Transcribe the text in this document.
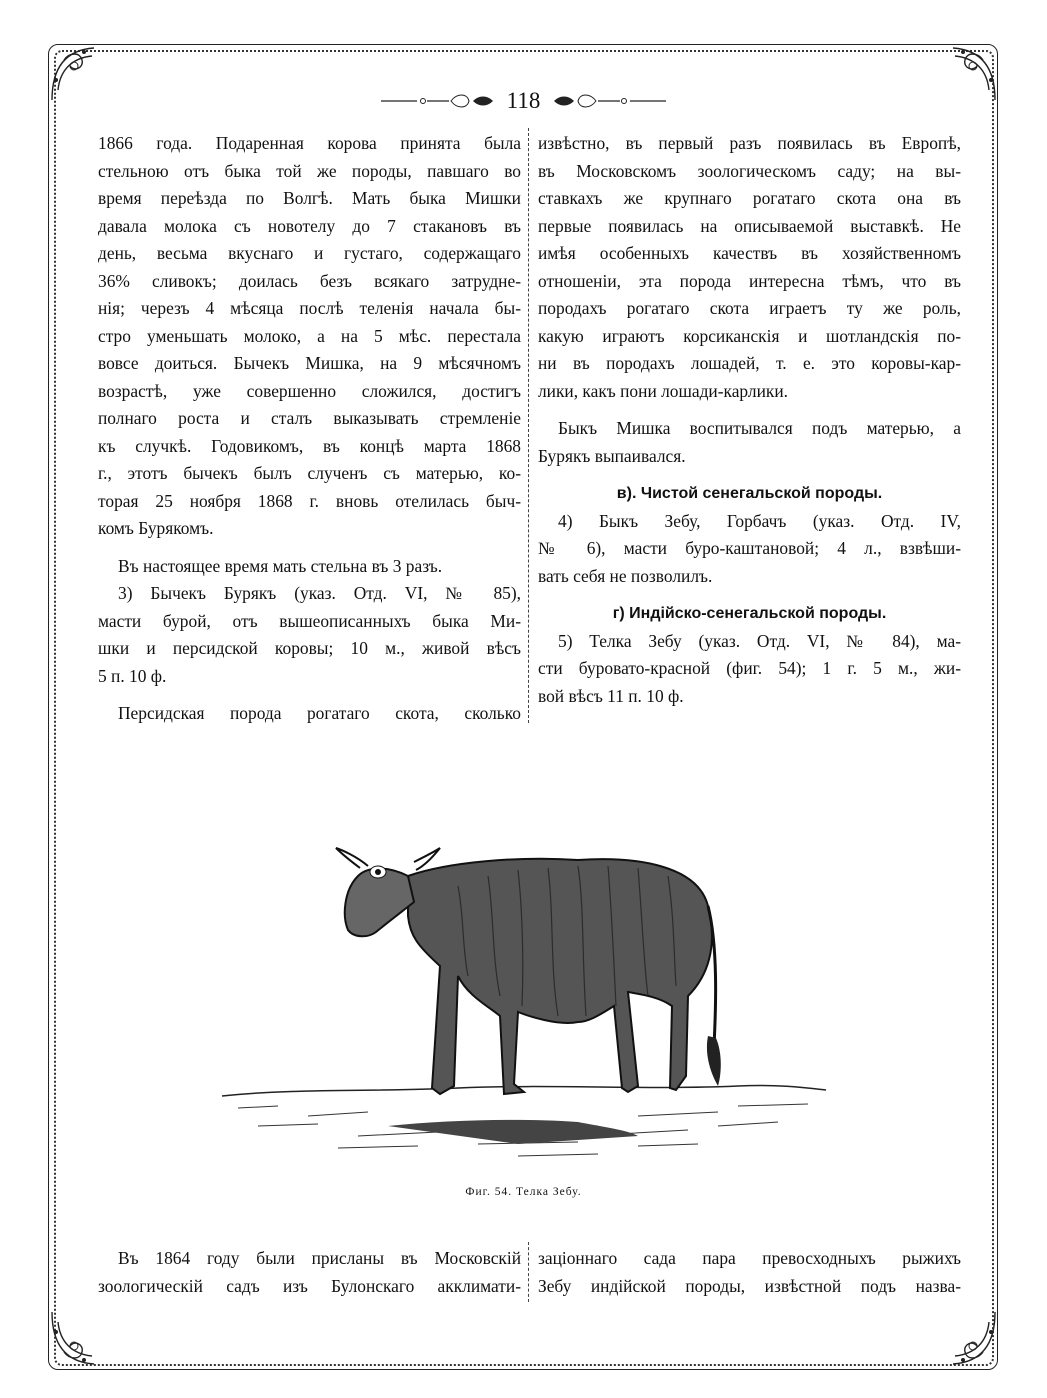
118

1866 года. Подаренная корова принята была
стельною отъ быка той же породы, павшаго во
время переѣзда по Волгѣ. Мать быка Мишки
давала молока съ новотелу до 7 стакановъ въ
день, весьма вкуснаго и густаго, содержащаго
36% сливокъ; доилась безъ всякаго затрудне-
нія; черезъ 4 мѣсяца послѣ теленія начала бы-
стро уменьшать молоко, а на 5 мѣс. перестала
вовсе доиться. Бычекъ Мишка, на 9 мѣсячномъ
возрастѣ, уже совершенно сложился, достигъ
полнаго роста и сталъ выказывать стремленіе
къ случкѣ. Годовикомъ, въ концѣ марта 1868
г., этотъ бычекъ былъ слученъ съ матерью, ко-
торая 25 ноября 1868 г. вновь отелилась быч-
комъ Бурякомъ.

Въ настоящее время мать стельна въ 3 разъ.

3) Бычекъ Бурякъ (указ. Отд. VI, № 85),
масти бурой, отъ вышеописанныхъ быка Ми-
шки и персидской коровы; 10 м., живой вѣсъ
5 п. 10 ф.

Персидская порода рогатаго скота, сколько

извѣстно, въ первый разъ появилась въ Европѣ,
въ Московскомъ зоологическомъ саду; на вы-
ставкахъ же крупнаго рогатаго скота она въ
первые появилась на описываемой выставкѣ. Не
имѣя особенныхъ качествъ въ хозяйственномъ
отношеніи, эта порода интересна тѣмъ, что въ
породахъ рогатаго скота играетъ ту же роль,
какую играютъ корсиканскія и шотландскія по-
ни въ породахъ лошадей, т. е. это коровы-кар-
лики, какъ пони лошади-карлики.

Быкъ Мишка воспитывался подъ матерью, а
Бурякъ выпаивался.

в). Чистой сенегальской породы.

4) Быкъ Зебу, Горбачъ (указ. Отд. IV,
№ 6), масти буро-каштановой; 4 л., взвѣши-
вать себя не позволилъ.

г) Индійско-сенегальской породы.

5) Телка Зебу (указ. Отд. VI, № 84), ма-
сти буровато-красной (фиг. 54); 1 г. 5 м., жи-
вой вѣсъ 11 п. 10 ф.

Фиг. 54. Телка Зебу.
Въ 1864 году были присланы въ Московскій
зоологическій садъ изъ Булонскаго акклимати-
заціоннаго сада пара превосходныхъ рыжихъ
Зебу индійской породы, извѣстной подъ назва-
